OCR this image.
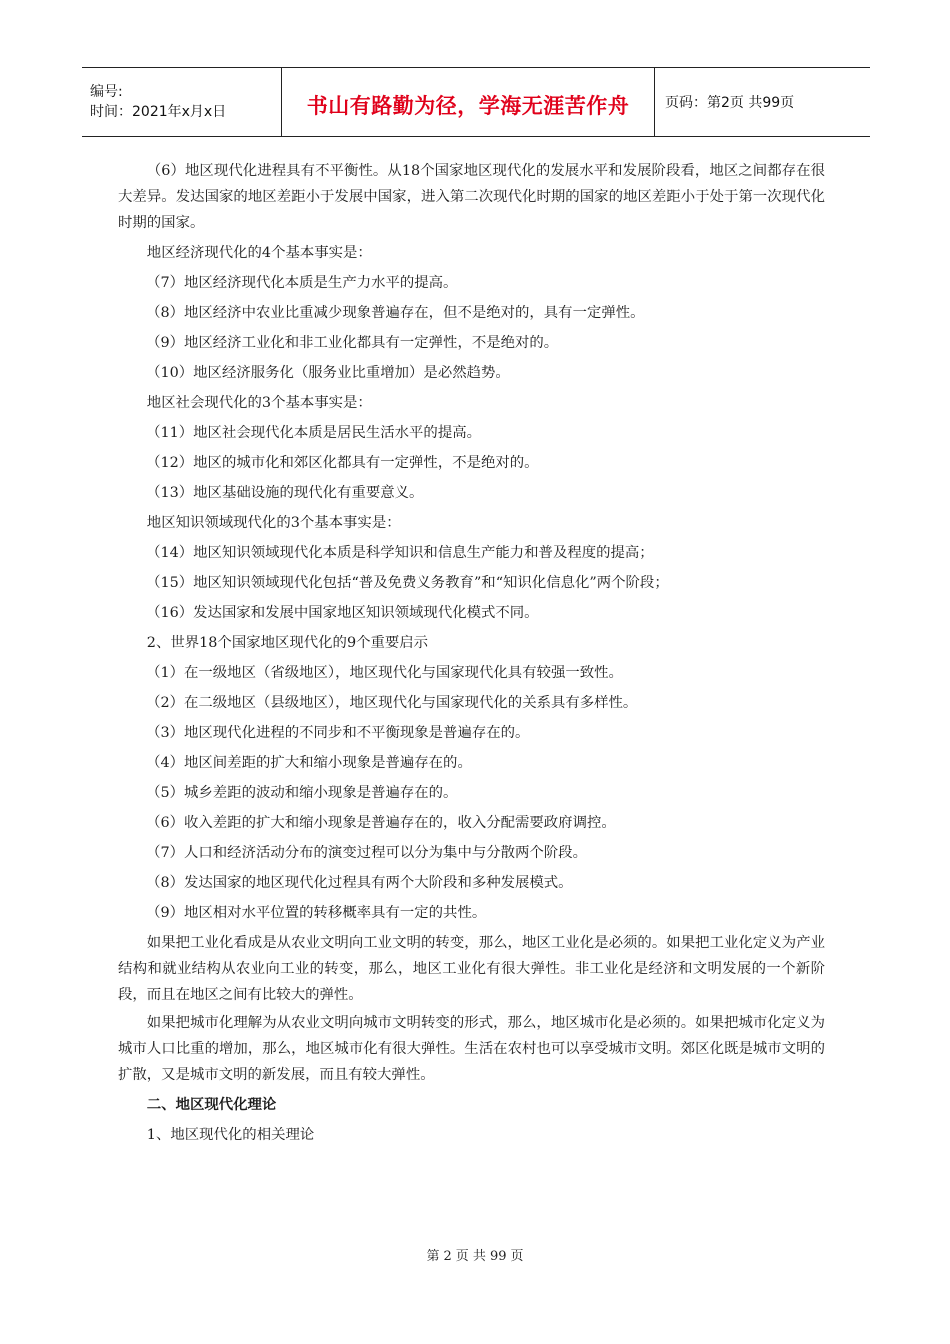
编号:
时间：2021年x月x日	书山有路勤为径，学海无涯苦作舟	页码：第2页 共99页

（6）地区现代化进程具有不平衡性。从18个国家地区现代化的发展水平和发展阶段看，地区之间都存在很大差异。发达国家的地区差距小于发展中国家，进入第二次现代化时期的国家的地区差距小于处于第一次现代化时期的国家。

地区经济现代化的4个基本事实是：

（7）地区经济现代化本质是生产力水平的提高。

（8）地区经济中农业比重减少现象普遍存在，但不是绝对的，具有一定弹性。

（9）地区经济工业化和非工业化都具有一定弹性，不是绝对的。

（10）地区经济服务化（服务业比重增加）是必然趋势。

地区社会现代化的3个基本事实是：

（11）地区社会现代化本质是居民生活水平的提高。

（12）地区的城市化和郊区化都具有一定弹性，不是绝对的。

（13）地区基础设施的现代化有重要意义。

地区知识领域现代化的3个基本事实是：

（14）地区知识领域现代化本质是科学知识和信息生产能力和普及程度的提高；

（15）地区知识领域现代化包括“普及免费义务教育”和“知识化信息化”两个阶段；

（16）发达国家和发展中国家地区知识领域现代化模式不同。

2、世界18个国家地区现代化的9个重要启示

（1）在一级地区（省级地区），地区现代化与国家现代化具有较强一致性。

（2）在二级地区（县级地区），地区现代化与国家现代化的关系具有多样性。

（3）地区现代化进程的不同步和不平衡现象是普遍存在的。

（4）地区间差距的扩大和缩小现象是普遍存在的。

（5）城乡差距的波动和缩小现象是普遍存在的。

（6）收入差距的扩大和缩小现象是普遍存在的，收入分配需要政府调控。

（7）人口和经济活动分布的演变过程可以分为集中与分散两个阶段。

（8）发达国家的地区现代化过程具有两个大阶段和多种发展模式。

（9）地区相对水平位置的转移概率具有一定的共性。

如果把工业化看成是从农业文明向工业文明的转变，那么，地区工业化是必须的。如果把工业化定义为产业结构和就业结构从农业向工业的转变，那么，地区工业化有很大弹性。非工业化是经济和文明发展的一个新阶段，而且在地区之间有比较大的弹性。

如果把城市化理解为从农业文明向城市文明转变的形式，那么，地区城市化是必须的。如果把城市化定义为城市人口比重的增加，那么，地区城市化有很大弹性。生活在农村也可以享受城市文明。郊区化既是城市文明的扩散，又是城市文明的新发展，而且有较大弹性。

二、地区现代化理论

1、地区现代化的相关理论

第 2 页 共 99 页
